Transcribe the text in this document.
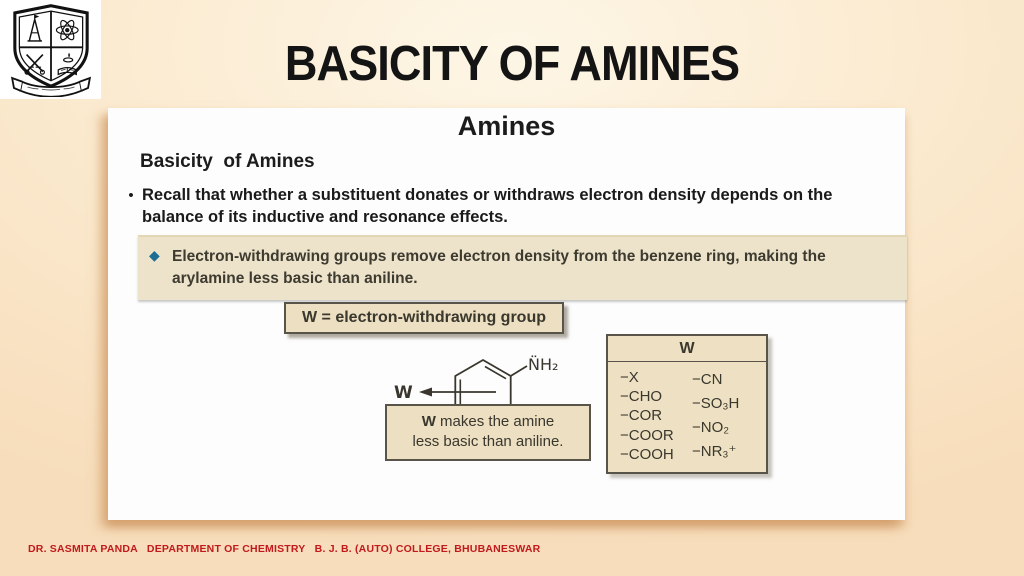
BASICITY OF AMINES
Amines
Basicity  of Amines
• Recall that whether a substituent donates or withdraws electron density depends on the balance of its inductive and resonance effects.

◆ Electron-withdrawing groups remove electron density from the benzene ring, making the arylamine less basic than aniline.

W = electron-withdrawing group
N̈H₂
W
W makes the amine
less basic than aniline.
W
−X
−CHO
−COR
−COOR
−COOH
−CN
−SO₃H
−NO₂
−NR₃⁺

DR. SASMITA PANDA   DEPARTMENT OF CHEMISTRY   B. J. B. (AUTO) COLLEGE, BHUBANESWAR
